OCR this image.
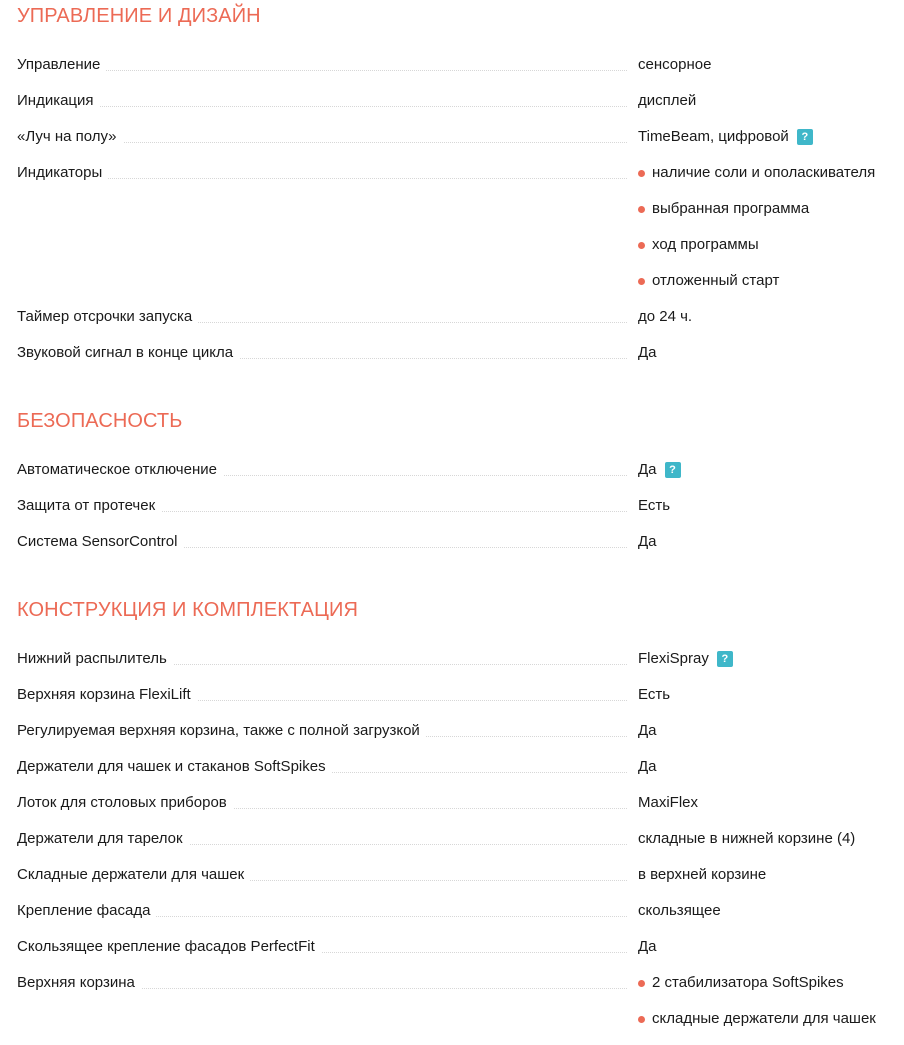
УПРАВЛЕНИЕ И ДИЗАЙН
Управление	сенсорное
Индикация	дисплей
«Луч на полу»	TimeBeam, цифровой	?
Индикаторы	наличие соли и ополаскивателя
выбранная программа
ход программы
отложенный старт
Таймер отсрочки запуска	до 24 ч.
Звуковой сигнал в конце цикла	Да
БЕЗОПАСНОСТЬ
Автоматическое отключение	Да	?
Защита от протечек	Есть
Система SensorControl	Да
КОНСТРУКЦИЯ И КОМПЛЕКТАЦИЯ
Нижний распылитель	FlexiSpray	?
Верхняя корзина FlexiLift	Есть
Регулируемая верхняя корзина, также с полной загрузкой	Да
Держатели для чашек и стаканов SoftSpikes	Да
Лоток для столовых приборов	MaxiFlex
Держатели для тарелок	складные в нижней корзине (4)
Складные держатели для чашек	в верхней корзине
Крепление фасада	скользящее
Скользящее крепление фасадов PerfectFit	Да
Верхняя корзина	2 стабилизатора SoftSpikes
складные держатели для чашек
